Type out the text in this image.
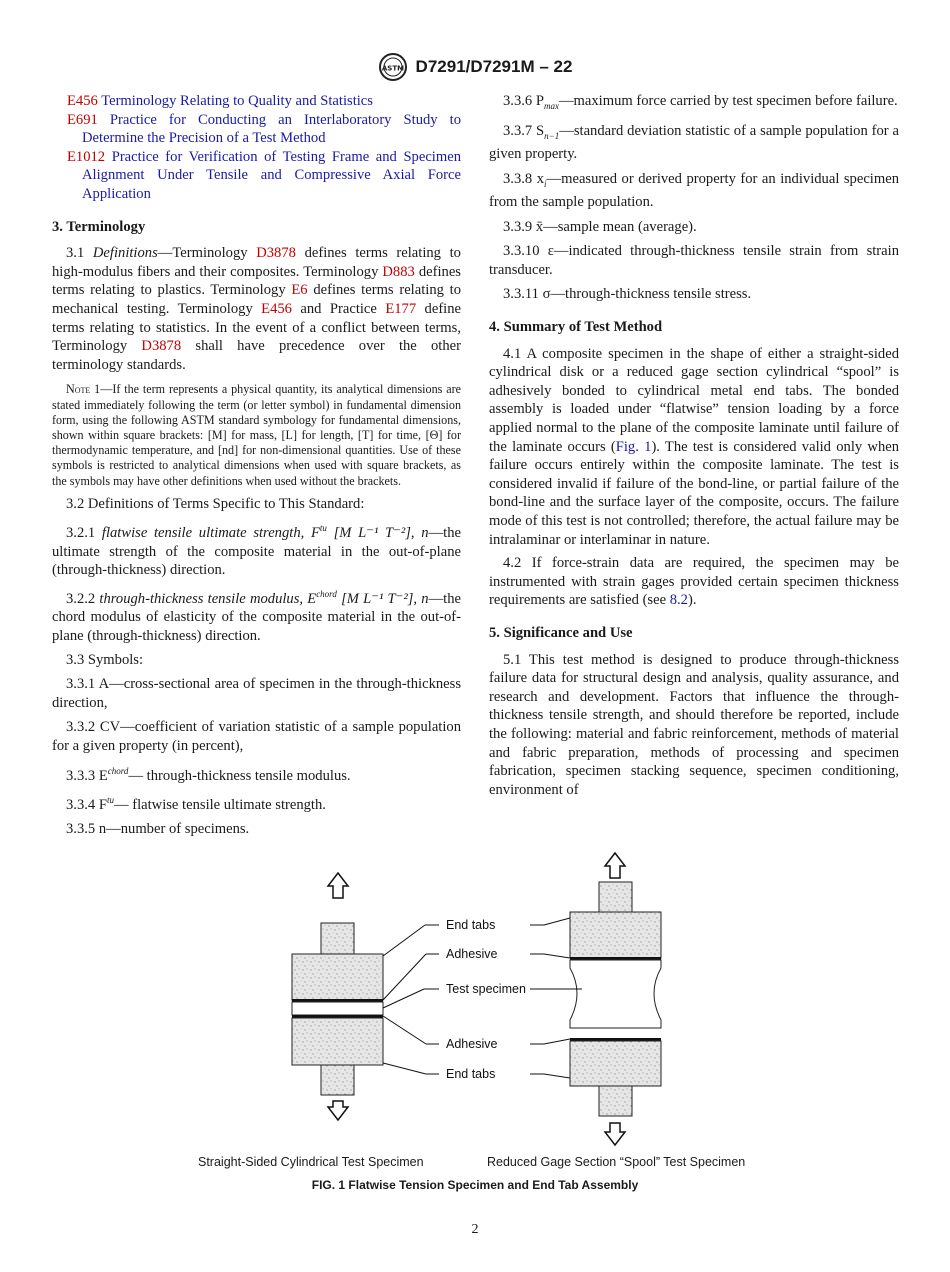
ASTM D7291/D7291M – 22

E456 Terminology Relating to Quality and Statistics

E691 Practice for Conducting an Interlaboratory Study to Determine the Precision of a Test Method

E1012 Practice for Verification of Testing Frame and Specimen Alignment Under Tensile and Compressive Axial Force Application

3. Terminology

3.1 Definitions—Terminology D3878 defines terms relating to high-modulus fibers and their composites. Terminology D883 defines terms relating to plastics. Terminology E6 defines terms relating to mechanical testing. Terminology E456 and Practice E177 define terms relating to statistics. In the event of a conflict between terms, Terminology D3878 shall have precedence over the other terminology standards.

Note 1—If the term represents a physical quantity, its analytical dimensions are stated immediately following the term (or letter symbol) in fundamental dimension form, using the following ASTM standard symbology for fundamental dimensions, shown within square brackets: [M] for mass, [L] for length, [T] for time, [Θ] for thermodynamic temperature, and [nd] for non-dimensional quantities. Use of these symbols is restricted to analytical dimensions when used with square brackets, as the symbols may have other definitions when used without the brackets.

3.2 Definitions of Terms Specific to This Standard:

3.2.1 flatwise tensile ultimate strength, $F^{tu}$ [M L⁻¹ T⁻²], n—the ultimate strength of the composite material in the out-of-plane (through-thickness) direction.

3.2.2 through-thickness tensile modulus, $E^{chord}$ [M L⁻¹ T⁻²], n—the chord modulus of elasticity of the composite material in the out-of-plane (through-thickness) direction.

3.3 Symbols:

3.3.1 A—cross-sectional area of specimen in the through-thickness direction,

3.3.2 CV—coefficient of variation statistic of a sample population for a given property (in percent),

3.3.3 $E^{chord}—$ through-thickness tensile modulus.

3.3.4 $F^{tu}—$ flatwise tensile ultimate strength.

3.3.5 n—number of specimens.

3.3.6 $P_{max}—maximum$ force carried by test specimen before failure.

3.3.7 $S_{n-1}—standard$ deviation statistic of a sample population for a given property.

3.3.8 $x_i—measured$ or derived property for an individual specimen from the sample population.

3.3.9 x̄—sample mean (average).

3.3.10 ε—indicated through-thickness tensile strain from strain transducer.

3.3.11 σ—through-thickness tensile stress.

4. Summary of Test Method

4.1 A composite specimen in the shape of either a straight-sided cylindrical disk or a reduced gage section cylindrical “spool” is adhesively bonded to cylindrical metal end tabs. The bonded assembly is loaded under “flatwise” tension loading by a force applied normal to the plane of the composite laminate until failure of the laminate occurs (Fig. 1). The test is considered valid only when failure occurs entirely within the composite laminate. The test is considered invalid if failure of the bond-line, or partial failure of the bond-line and the surface layer of the composite, occurs. The failure mode of this test is not controlled; therefore, the actual failure may be intralaminar or interlaminar in nature.

4.2 If force-strain data are required, the specimen may be instrumented with strain gages provided certain specimen thickness requirements are satisfied (see 8.2).

5. Significance and Use

5.1 This test method is designed to produce through-thickness failure data for structural design and analysis, quality assurance, and research and development. Factors that influence the through-thickness tensile strength, and should therefore be reported, include the following: material and fabric reinforcement, methods of material and fabric preparation, methods of processing and specimen fabrication, specimen stacking sequence, specimen conditioning, environment of

End tabs
Adhesive
Test specimen
Adhesive
End tabs
Straight-Sided Cylindrical Test Specimen	Reduced Gage Section “Spool” Test Specimen
FIG. 1 Flatwise Tension Specimen and End Tab Assembly
2
